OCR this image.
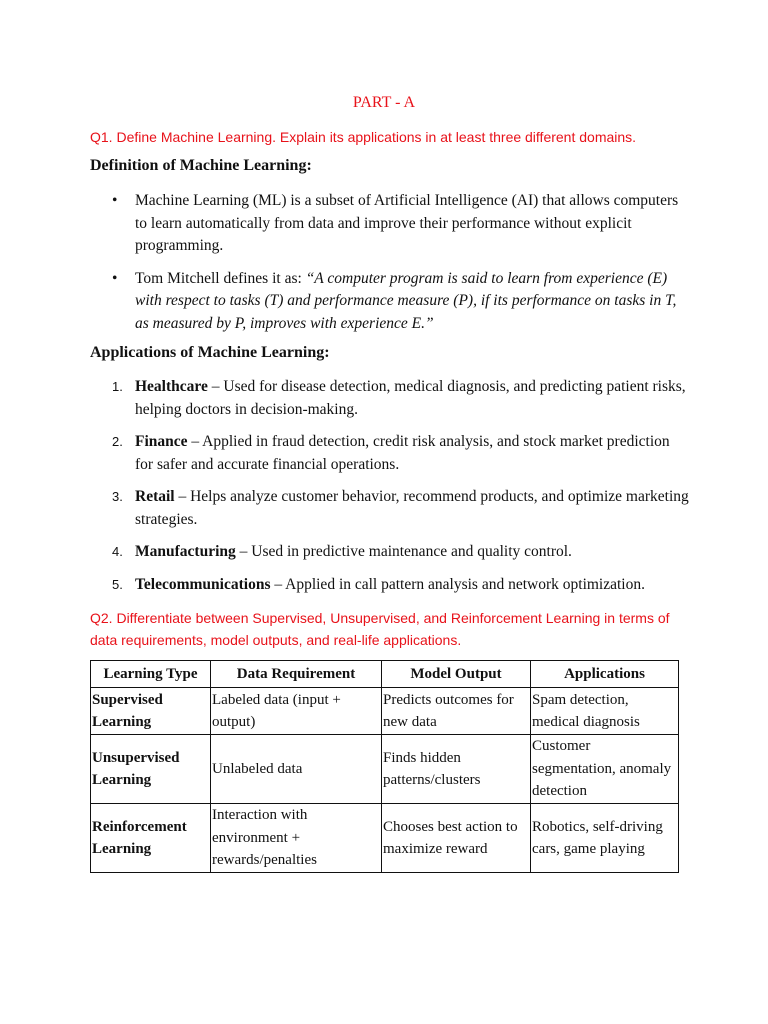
PART - A
Q1. Define Machine Learning. Explain its applications in at least three different domains.
Definition of Machine Learning:
• Machine Learning (ML) is a subset of Artificial Intelligence (AI) that allows computers to learn automatically from data and improve their performance without explicit programming.
• Tom Mitchell defines it as: “A computer program is said to learn from experience (E) with respect to tasks (T) and performance measure (P), if its performance on tasks in T, as measured by P, improves with experience E.”
Applications of Machine Learning:
1. Healthcare – Used for disease detection, medical diagnosis, and predicting patient risks, helping doctors in decision-making.
2. Finance – Applied in fraud detection, credit risk analysis, and stock market prediction for safer and accurate financial operations.
3. Retail – Helps analyze customer behavior, recommend products, and optimize marketing strategies.
4. Manufacturing – Used in predictive maintenance and quality control.
5. Telecommunications – Applied in call pattern analysis and network optimization.
Q2. Differentiate between Supervised, Unsupervised, and Reinforcement Learning in terms of data requirements, model outputs, and real-life applications.
Learning Type	Data Requirement	Model Output	Applications
Supervised Learning	Labeled data (input + output)	Predicts outcomes for new data	Spam detection, medical diagnosis
Unsupervised Learning	Unlabeled data	Finds hidden patterns/clusters	Customer segmentation, anomaly detection
Reinforcement Learning	Interaction with environment + rewards/penalties	Chooses best action to maximize reward	Robotics, self-driving cars, game playing
